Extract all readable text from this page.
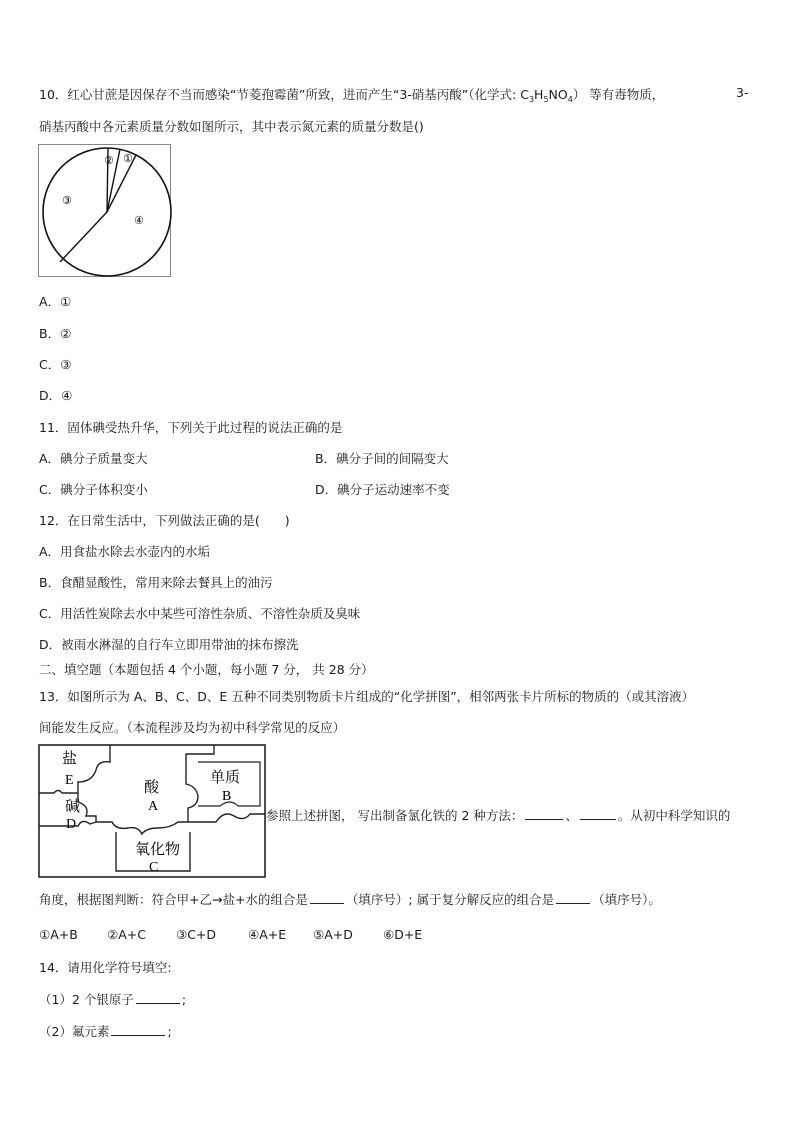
10．红心甘蔗是因保存不当而感染“节菱孢霉菌”所致，进而产生“3-硝基丙酸”（化学式: $C_3H_5NO_4$） 等有毒物质，	3-
硝基丙酸中各元素质量分数如图所示，其中表示氮元素的质量分数是()
② ①
③
④
A．①
B．②
C．③
D．④
11．固体碘受热升华，下列关于此过程的说法正确的是
A．碘分子质量变大	B．碘分子间的间隔变大
C．碘分子体积变小	D．碘分子运动速率不变
12．在日常生活中，下列做法正确的是(　　)
A．用食盐水除去水壶内的水垢
B．食醋显酸性，常用来除去餐具上的油污
C．用活性炭除去水中某些可溶性杂质、不溶性杂质及臭味
D．被雨水淋湿的自行车立即用带油的抹布擦洗
二、填空题（本题包括 4 个小题，每小题 7 分， 共 28 分）
13．如图所示为 A、B、C、D、E 五种不同类别物质卡片组成的“化学拼图”，相邻两张卡片所标的物质的（或其溶液）
间能发生反应。（本流程涉及均为初中科学常见的反应）
盐
E
碱
D
酸
A
单质
B
氧化物
C
参照上述拼图， 写出制备氯化铁的 2 种方法：	、	。从初中科学知识的
角度，根据图判断：符合甲+乙→盐+水的组合是	（填序号）; 属于复分解反应的组合是	（填序号）。
①A+B ②A+C ③C+D	④A+E ⑤A+D ⑥D+E
14．请用化学符号填空:
（1）2 个银原子	;
（2）氟元素	;
